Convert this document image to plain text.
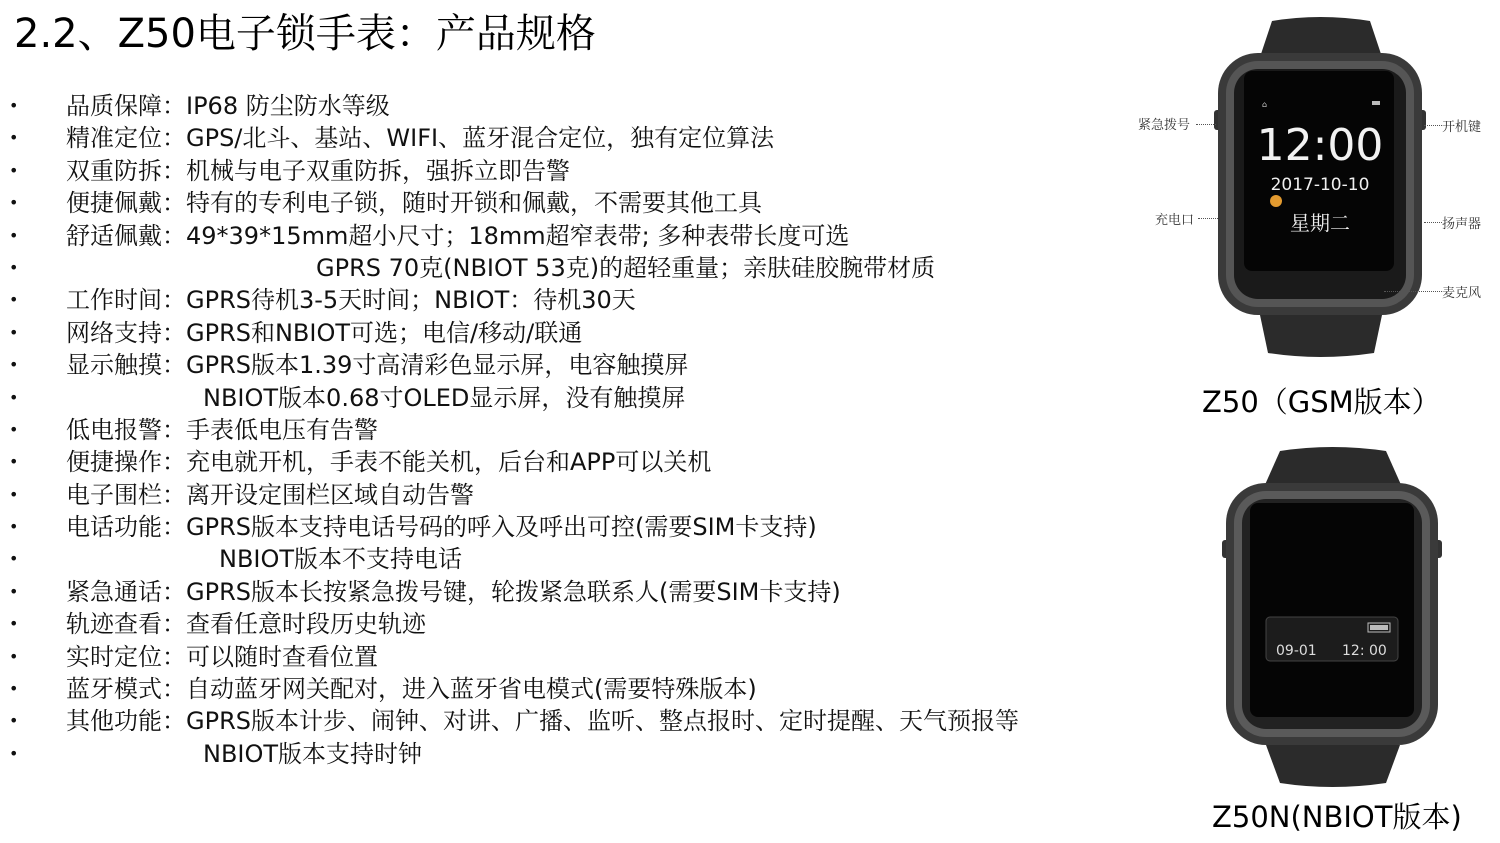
2.2、Z50电子锁手表：产品规格
• 品质保障：IP68 防尘防水等级
• 精准定位：GPS/北斗、基站、WIFI、蓝牙混合定位，独有定位算法
• 双重防拆：机械与电子双重防拆，强拆立即告警
• 便捷佩戴：特有的专利电子锁，随时开锁和佩戴，不需要其他工具
• 舒适佩戴：49*39*15mm超小尺寸；18mm超窄表带; 多种表带长度可选
•	GPRS 70克(NBIOT 53克)的超轻重量；亲肤硅胶腕带材质
• 工作时间：GPRS待机3-5天时间；NBIOT：待机30天
• 网络支持：GPRS和NBIOT可选；电信/移动/联通
• 显示触摸：GPRS版本1.39寸高清彩色显示屏，电容触摸屏
•	NBIOT版本0.68寸OLED显示屏，没有触摸屏
• 低电报警：手表低电压有告警
• 便捷操作：充电就开机，手表不能关机，后台和APP可以关机
• 电子围栏：离开设定围栏区域自动告警
• 电话功能：GPRS版本支持电话号码的呼入及呼出可控(需要SIM卡支持)
•	NBIOT版本不支持电话
• 紧急通话：GPRS版本长按紧急拨号键，轮拨紧急联系人(需要SIM卡支持)
• 轨迹查看：查看任意时段历史轨迹
• 实时定位：可以随时查看位置
• 蓝牙模式：自动蓝牙网关配对，进入蓝牙省电模式(需要特殊版本)
• 其他功能：GPRS版本计步、闹钟、对讲、广播、监听、整点报时、定时提醒、天气预报等
•	NBIOT版本支持时钟
⌂
12:00
2017-10-10
星期二
紧急拨号
充电口
开机键
扬声器
麦克风
Z50（GSM版本）
09-01 12: 00
Z50N(NBIOT版本)
